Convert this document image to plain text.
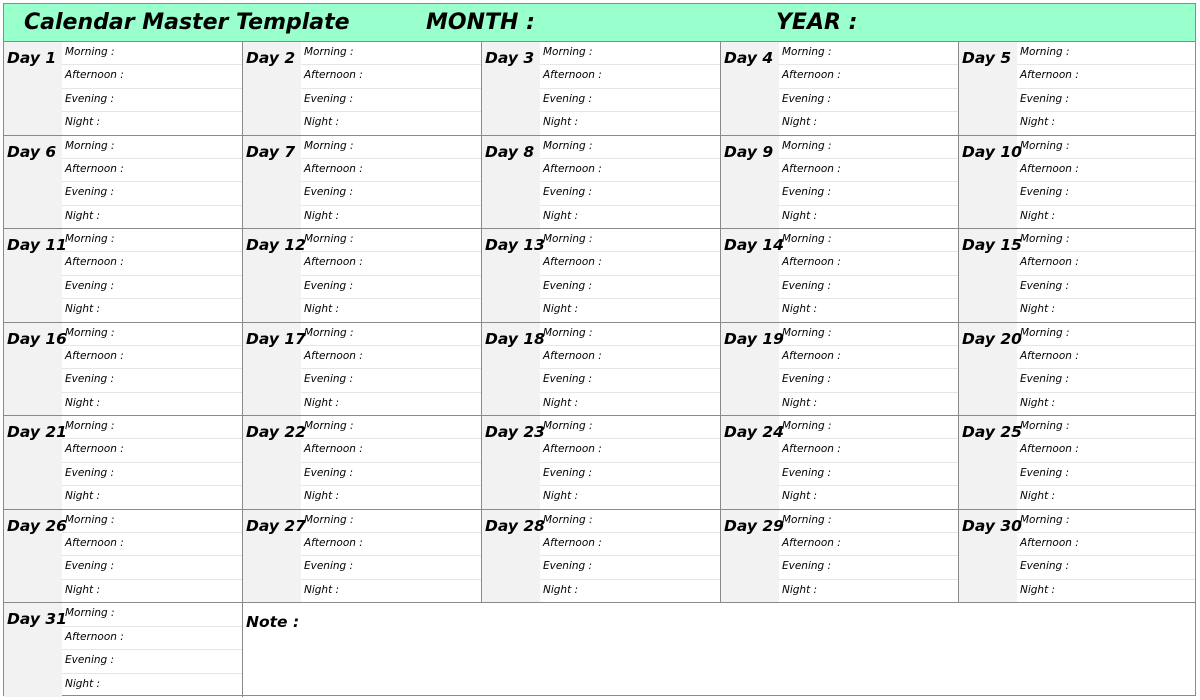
Calendar Master Template	MONTH :	YEAR :
Day 1 Morning :
Afternoon :
Evening :
Night :
Day 2 Morning :
Afternoon :
Evening :
Night :
Day 3 Morning :
Afternoon :
Evening :
Night :
Day 4 Morning :
Afternoon :
Evening :
Night :
Day 5 Morning :
Afternoon :
Evening :
Night :
Day 6 Morning :
Afternoon :
Evening :
Night :
Day 7 Morning :
Afternoon :
Evening :
Night :
Day 8 Morning :
Afternoon :
Evening :
Night :
Day 9 Morning :
Afternoon :
Evening :
Night :
Day 10
Morning :
Afternoon :
Evening :
Night :
Day 11
Morning :
Afternoon :
Evening :
Night :
Day 12
Morning :
Afternoon :
Evening :
Night :
Day 13
Morning :
Afternoon :
Evening :
Night :
Day 14
Morning :
Afternoon :
Evening :
Night :
Day 15
Morning :
Afternoon :
Evening :
Night :
Day 16
Morning :
Afternoon :
Evening :
Night :
Day 17
Morning :
Afternoon :
Evening :
Night :
Day 18
Morning :
Afternoon :
Evening :
Night :
Day 19
Morning :
Afternoon :
Evening :
Night :
Day 20
Morning :
Afternoon :
Evening :
Night :
Day 21
Morning :
Afternoon :
Evening :
Night :
Day 22
Morning :
Afternoon :
Evening :
Night :
Day 23
Morning :
Afternoon :
Evening :
Night :
Day 24
Morning :
Afternoon :
Evening :
Night :
Day 25
Morning :
Afternoon :
Evening :
Night :
Day 26
Morning :
Afternoon :
Evening :
Night :
Day 27
Morning :
Afternoon :
Evening :
Night :
Day 28
Morning :
Afternoon :
Evening :
Night :
Day 29
Morning :
Afternoon :
Evening :
Night :
Day 30
Morning :
Afternoon :
Evening :
Night :
Day 31
Morning :
Afternoon :
Evening :
Night :
Note :
